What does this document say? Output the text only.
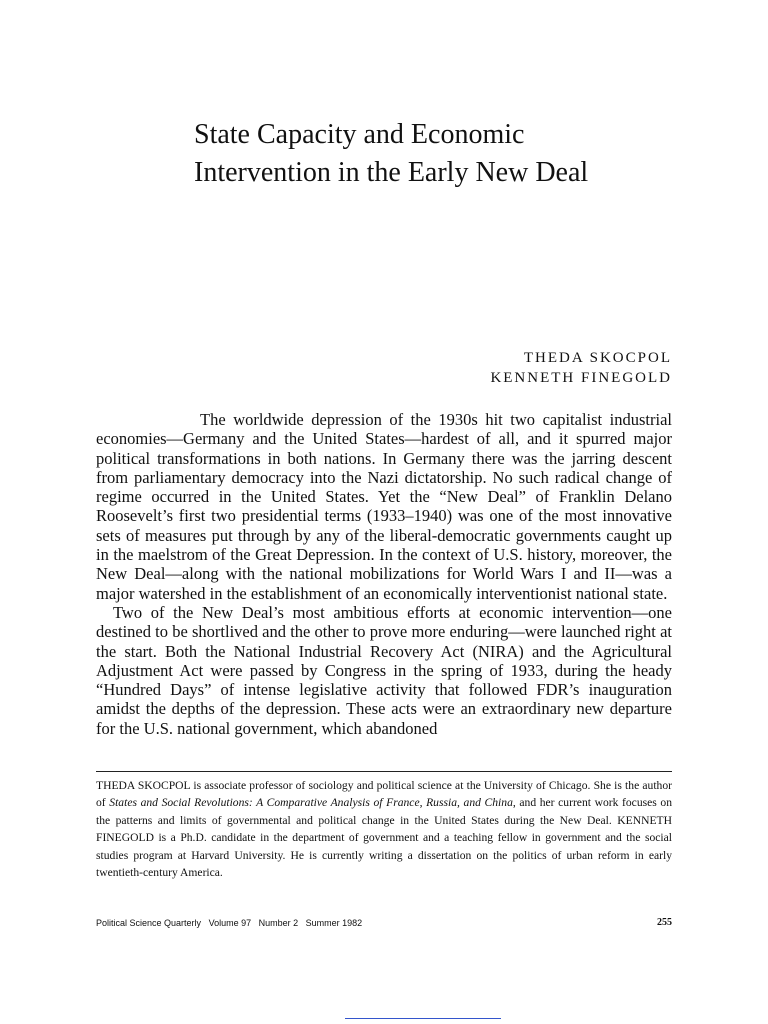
State Capacity and Economic
Intervention in the Early New Deal
THEDA SKOCPOL
KENNETH FINEGOLD

The worldwide depression of the 1930s hit two capitalist industrial economies—Germany and the United States—hardest of all, and it spurred major political transformations in both nations. In Germany there was the jarring descent from parliamentary democracy into the Nazi dictatorship. No such radical change of regime occurred in the United States. Yet the “New Deal” of Franklin Delano Roosevelt’s first two presidential terms (1933–1940) was one of the most innovative sets of measures put through by any of the liberal-democratic governments caught up in the maelstrom of the Great Depression. In the context of U.S. history, moreover, the New Deal—along with the national mobilizations for World Wars I and II—was a major watershed in the establishment of an economically interventionist national state.

Two of the New Deal’s most ambitious efforts at economic intervention—one destined to be shortlived and the other to prove more enduring—were launched right at the start. Both the National Industrial Recovery Act (NIRA) and the Agricultural Adjustment Act were passed by Congress in the spring of 1933, during the heady “Hundred Days” of intense legislative activity that followed FDR’s inauguration amidst the depths of the depression. These acts were an extraordinary new departure for the U.S. national government, which abandoned

THEDA SKOCPOL is associate professor of sociology and political science at the University of Chicago. She is the author of States and Social Revolutions: A Comparative Analysis of France, Russia, and China, and her current work focuses on the patterns and limits of governmental and political change in the United States during the New Deal. KENNETH FINEGOLD is a Ph.D. candidate in the department of government and a teaching fellow in government and the social studies program at Harvard University. He is currently writing a dissertation on the politics of urban reform in early twentieth-century America.

Political Science Quarterly Volume 97 Number 2 Summer 1982	255
